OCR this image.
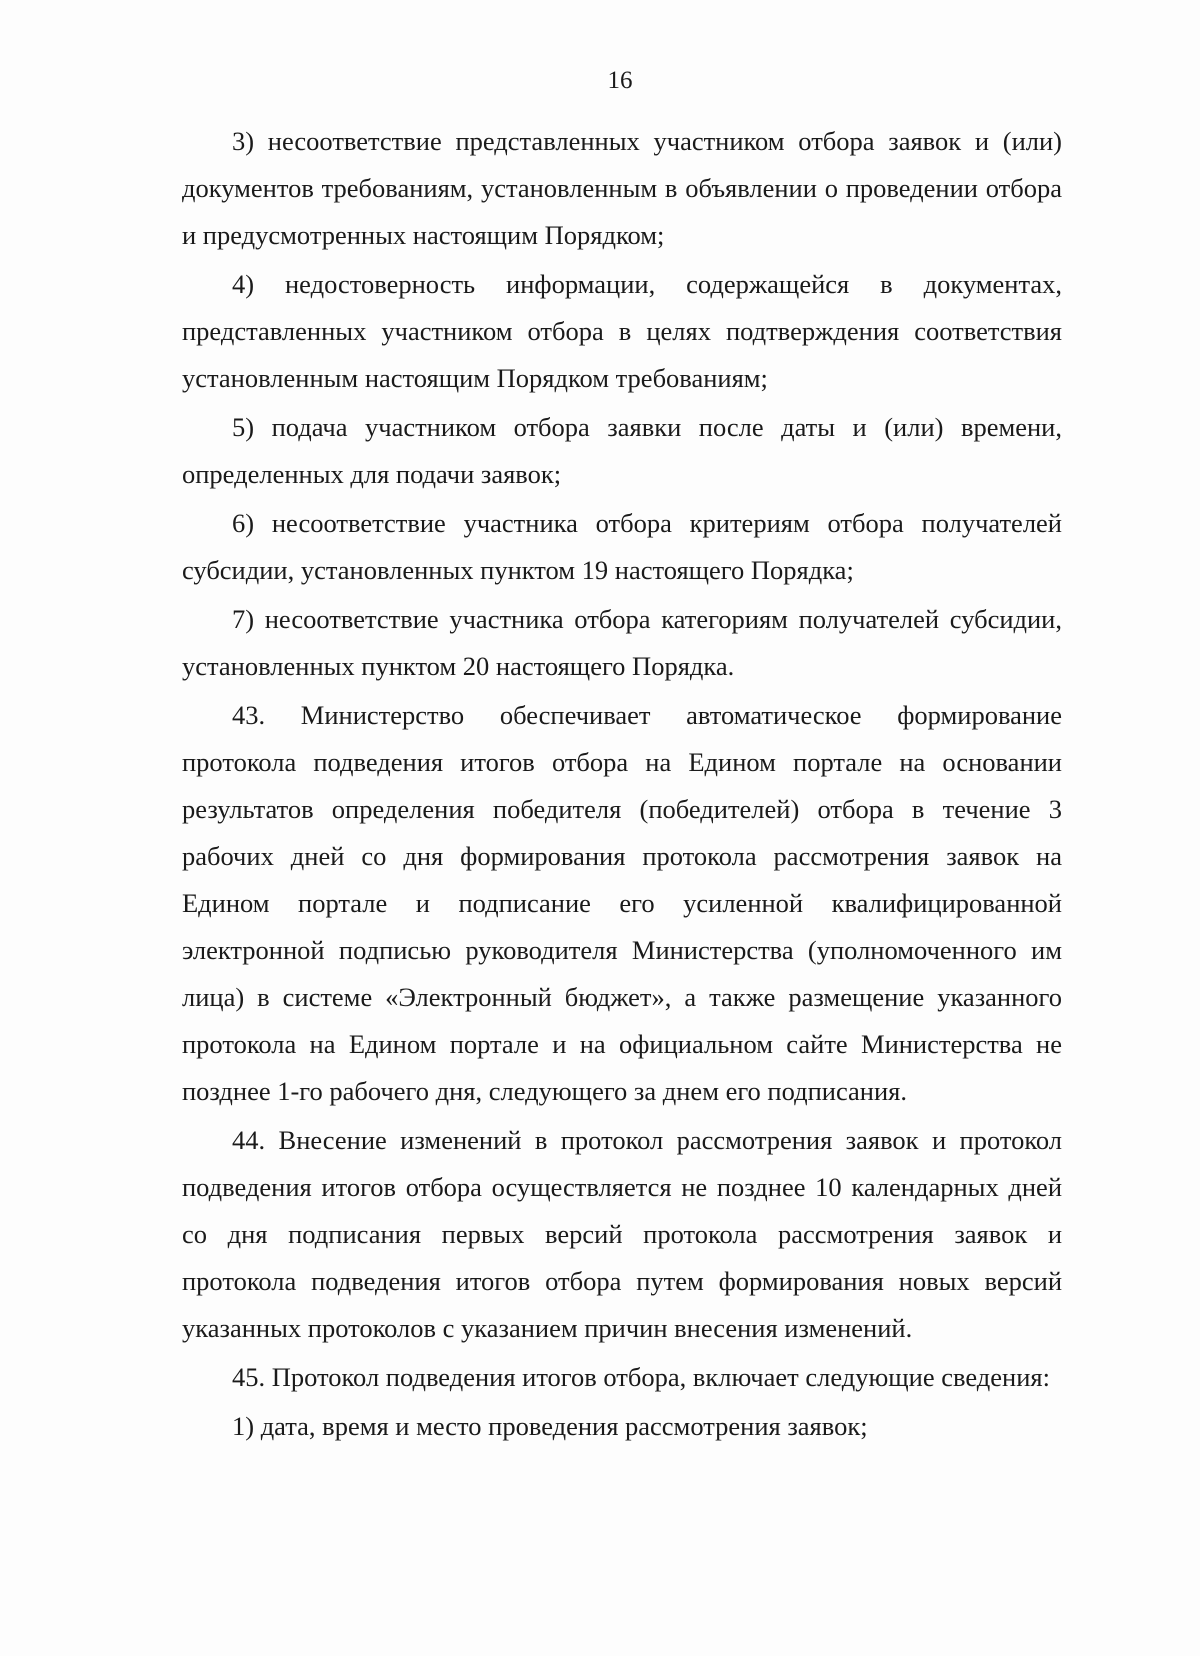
16

3) несоответствие представленных участником отбора заявок и (или) документов требованиям, установленным в объявлении о проведении отбора и предусмотренных настоящим Порядком;

4) недостоверность информации, содержащейся в документах, представленных участником отбора в целях подтверждения соответствия установленным настоящим Порядком требованиям;

5) подача участником отбора заявки после даты и (или) времени, определенных для подачи заявок;

6) несоответствие участника отбора критериям отбора получателей субсидии, установленных пунктом 19 настоящего Порядка;

7) несоответствие участника отбора категориям получателей субсидии, установленных пунктом 20 настоящего Порядка.

43. Министерство обеспечивает автоматическое формирование протокола подведения итогов отбора на Едином портале на основании результатов определения победителя (победителей) отбора в течение 3 рабочих дней со дня формирования протокола рассмотрения заявок на Едином портале и подписание его усиленной квалифицированной электронной подписью руководителя Министерства (уполномоченного им лица) в системе «Электронный бюджет», а также размещение указанного протокола на Едином портале и на официальном сайте Министерства не позднее 1-го рабочего дня, следующего за днем его подписания.

44. Внесение изменений в протокол рассмотрения заявок и протокол подведения итогов отбора осуществляется не позднее 10 календарных дней со дня подписания первых версий протокола рассмотрения заявок и протокола подведения итогов отбора путем формирования новых версий указанных протоколов с указанием причин внесения изменений.

45. Протокол подведения итогов отбора, включает следующие сведения:

1) дата, время и место проведения рассмотрения заявок;
